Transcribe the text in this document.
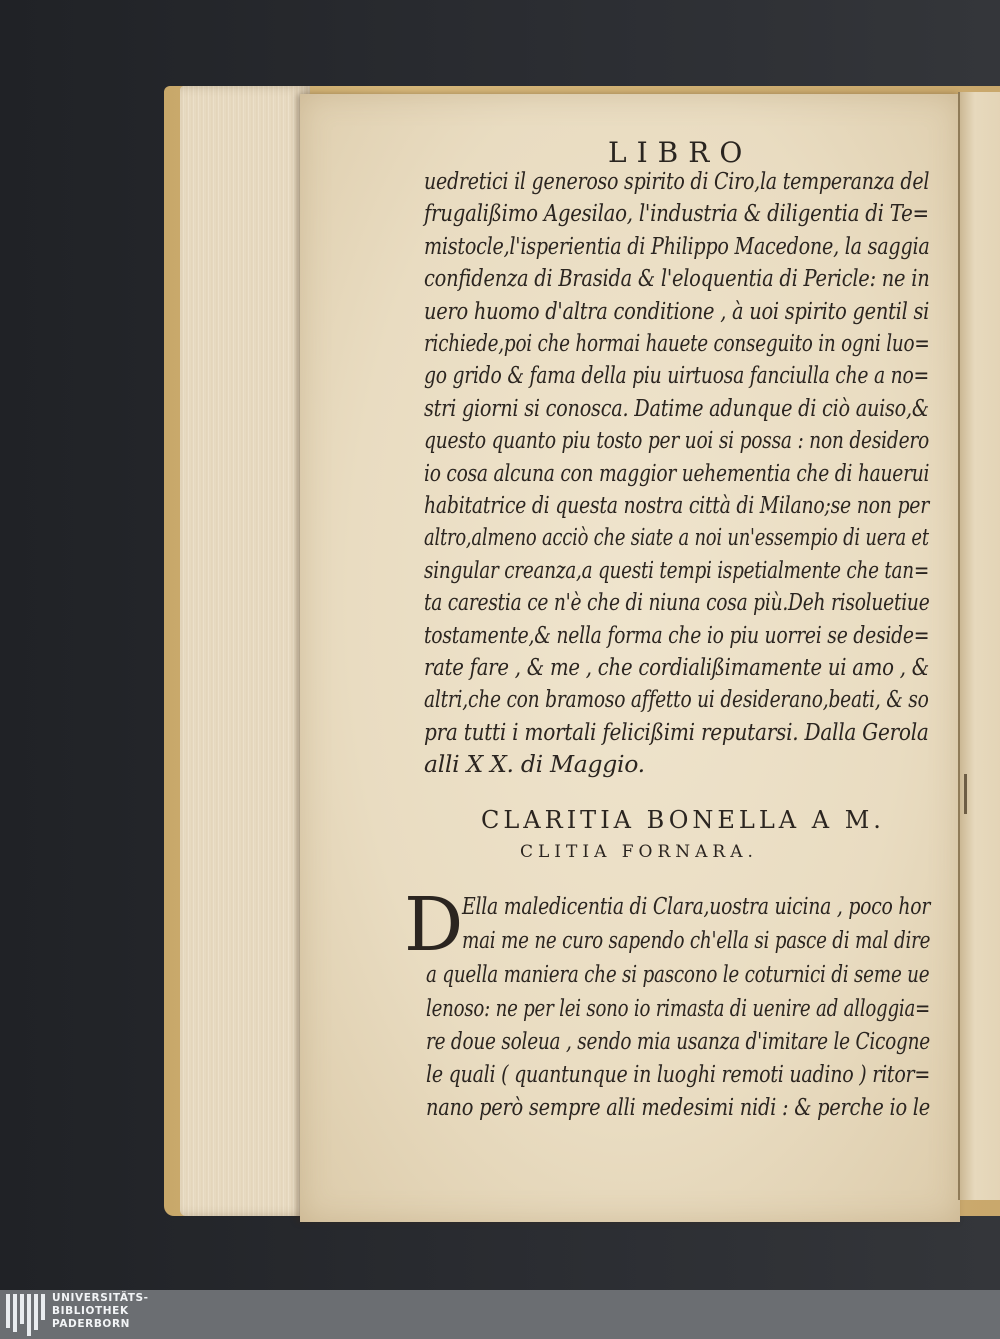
LIBRO
uedretici il generoso spirito di Ciro,la temperanza del
frugalißimo Agesilao, l'industria & diligentia di Te=
mistocle,l'isperientia di Philippo Macedone, la saggia
confidenza di Brasida & l'eloquentia di Pericle: ne in
uero huomo d'altra conditione , à uoi spirito gentil si
richiede,poi che hormai hauete conseguito in ogni luo=
go grido & fama della piu uirtuosa fanciulla che a no=
stri giorni si conosca. Datime adunque di ciò auiso,&
questo quanto piu tosto per uoi si possa : non desidero
io cosa alcuna con maggior uehementia che di hauerui
habitatrice di questa nostra città di Milano;se non per
altro,almeno acciò che siate a noi un'essempio di uera et
singular creanza,a questi tempi ispetialmente che tan=
ta carestia ce n'è che di niuna cosa più.Deh risoluetiue
tostamente,& nella forma che io piu uorrei se deside=
rate fare , & me , che cordialißimamente ui amo , &
altri,che con bramoso affetto ui desiderano,beati, & so
pra tutti i mortali felicißimi reputarsi. Dalla Gerola
alli X X. di Maggio.
CLARITIA BONELLA A M.
CLITIA FORNARA.
D
Ella maledicentia di Clara,uostra uicina , poco hor
mai me ne curo sapendo ch'ella si pasce di mal dire
a quella maniera che si pascono le coturnici di seme ue
lenoso: ne per lei sono io rimasta di uenire ad alloggia=
re doue soleua , sendo mia usanza d'imitare le Cicogne
le quali ( quantunque in luoghi remoti uadino ) ritor=
nano però sempre alli medesimi nidi : & perche io le
UNIVERSITÄTS-
BIBLIOTHEK
PADERBORN
